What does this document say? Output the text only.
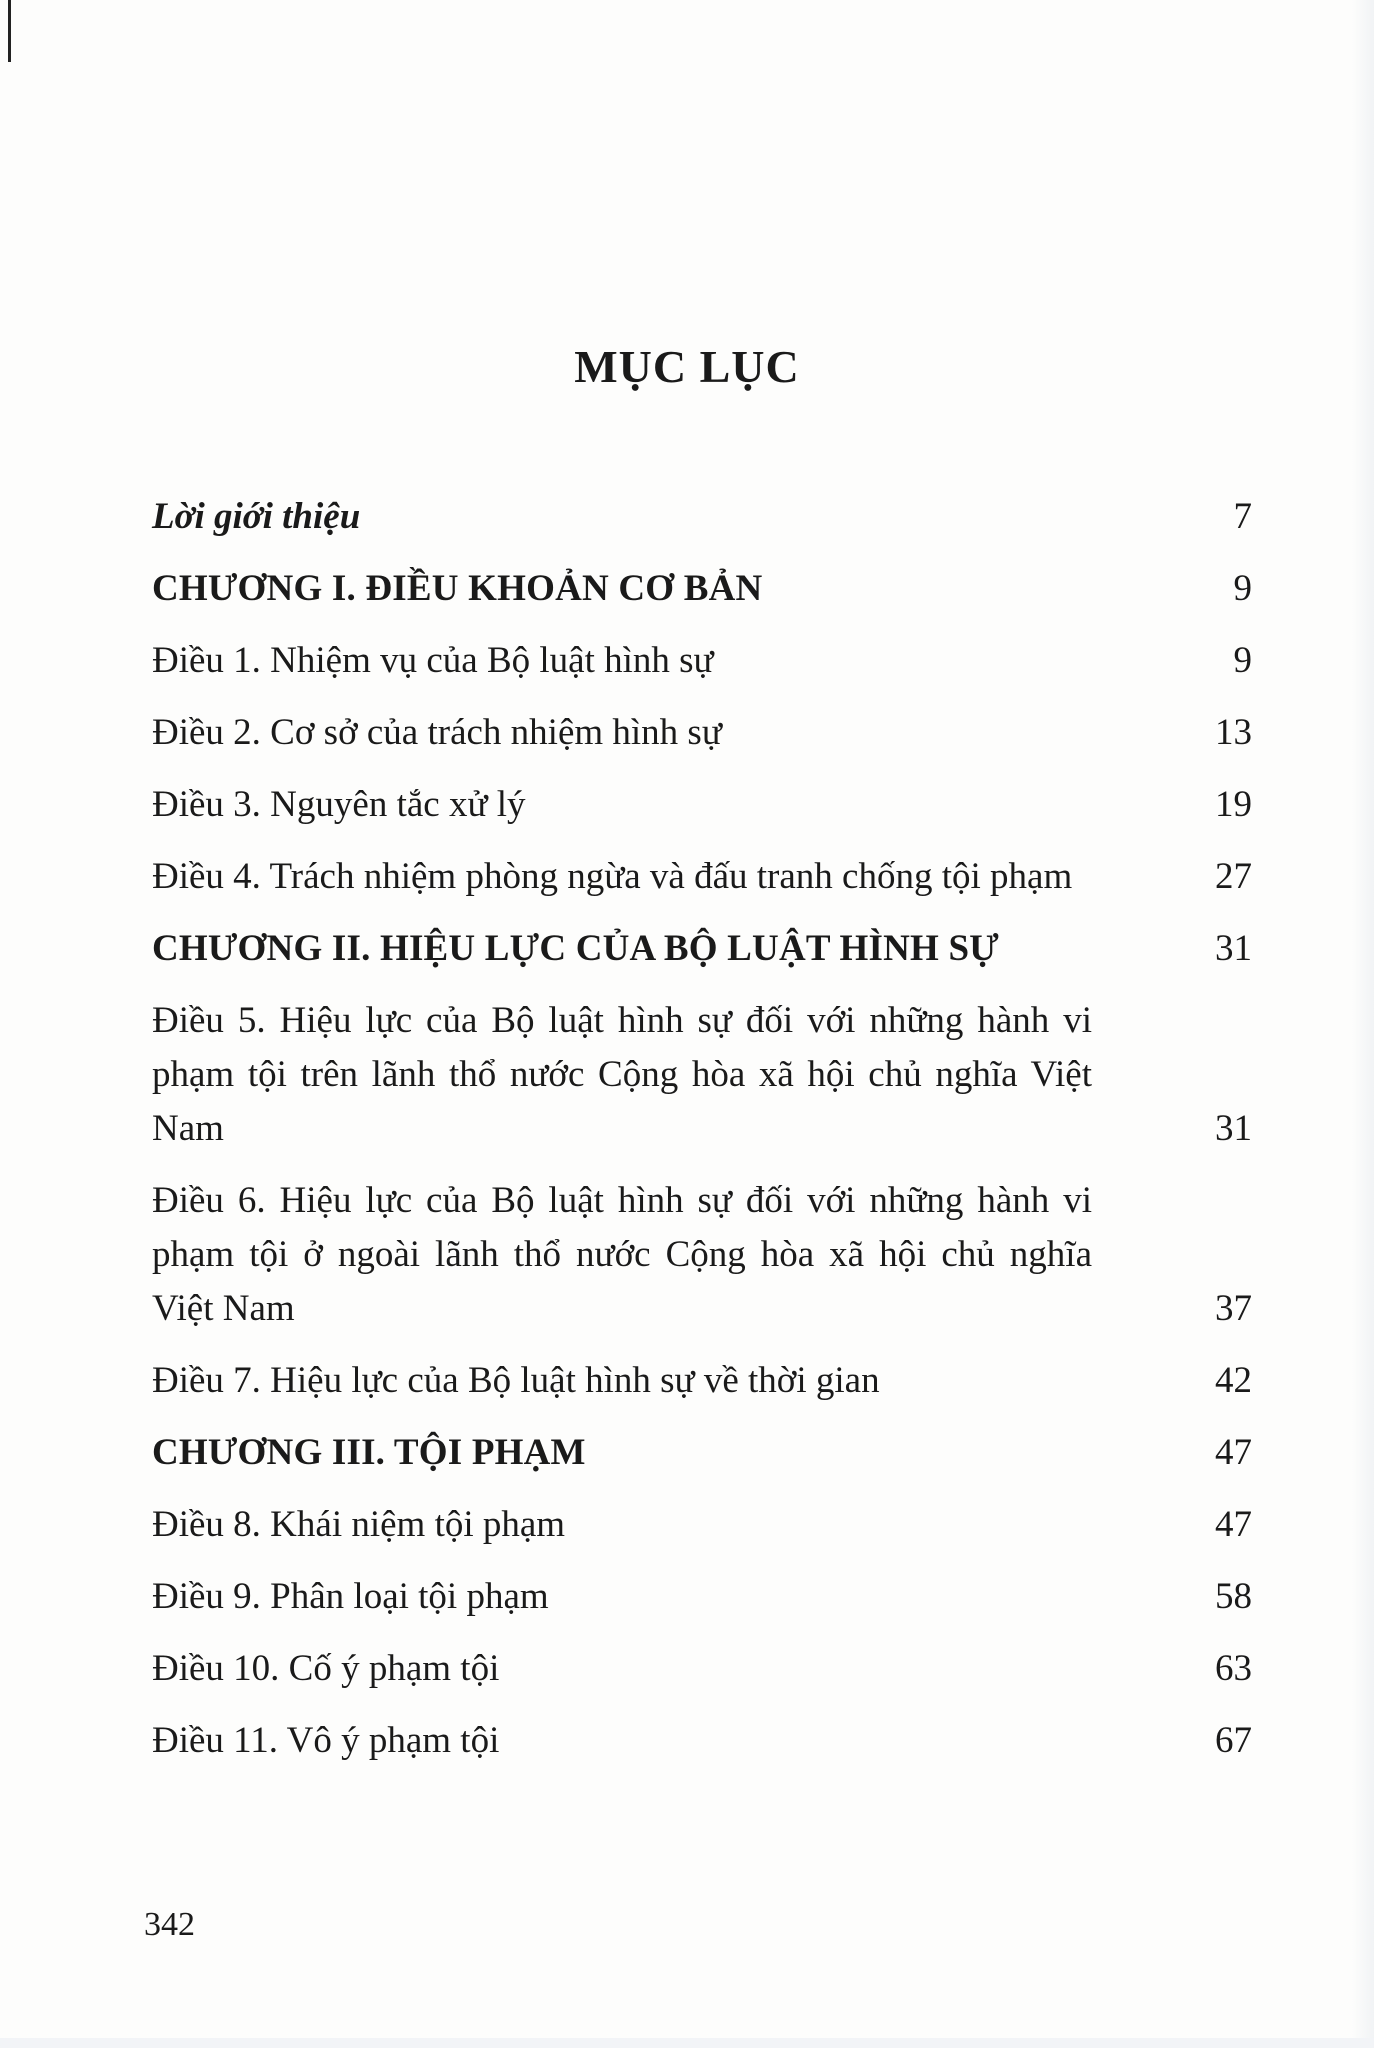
MỤC LỤC
Lời giới thiệu	7
CHƯƠNG I. ĐIỀU KHOẢN CƠ BẢN	9
Điều 1. Nhiệm vụ của Bộ luật hình sự	9
Điều 2. Cơ sở của trách nhiệm hình sự	13
Điều 3. Nguyên tắc xử lý	19
Điều 4. Trách nhiệm phòng ngừa và đấu tranh chống tội phạm	27
CHƯƠNG II. HIỆU LỰC CỦA BỘ LUẬT HÌNH SỰ	31
Điều 5. Hiệu lực của Bộ luật hình sự đối với những hành vi phạm tội trên lãnh thổ nước Cộng hòa xã hội chủ nghĩa Việt Nam	31
Điều 6. Hiệu lực của Bộ luật hình sự đối với những hành vi phạm tội ở ngoài lãnh thổ nước Cộng hòa xã hội chủ nghĩa Việt Nam	37
Điều 7. Hiệu lực của Bộ luật hình sự về thời gian	42
CHƯƠNG III. TỘI PHẠM	47
Điều 8. Khái niệm tội phạm	47
Điều 9. Phân loại tội phạm	58
Điều 10. Cố ý phạm tội	63
Điều 11. Vô ý phạm tội	67
342
